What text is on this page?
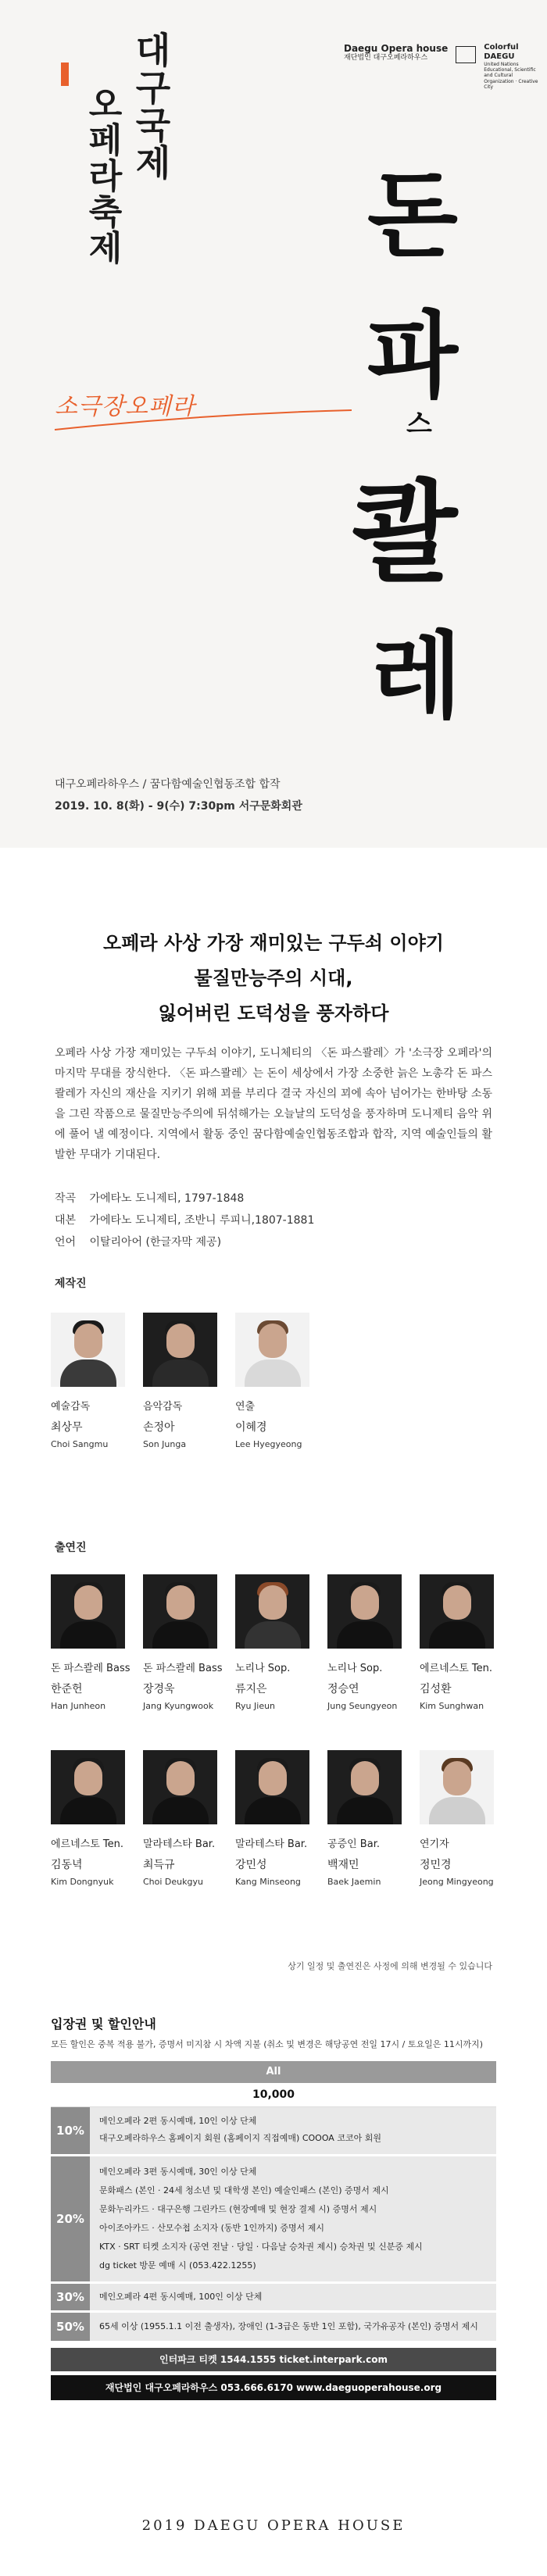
대구국제
오페라축제
Daegu Opera house
재단법인 대구오페라하우스
Colorful DAEGU
United Nations Educational, Scientific and Cultural Organization · Creative City
돈
파
스
콸
레
소극장오페라
대구오페라하우스 / 꿈다함예술인협동조합 합작
2019. 10. 8(화) - 9(수) 7:30pm 서구문화회관
오페라 사상 가장 재미있는 구두쇠 이야기
물질만능주의 시대,
잃어버린 도덕성을 풍자하다
오페라 사상 가장 재미있는 구두쇠 이야기, 도니체티의 〈돈 파스콸레〉가 '소극장 오페라'의 마지막 무대를 장식한다. 〈돈 파스콸레〉는 돈이 세상에서 가장 소중한 늙은 노총각 돈 파스콸레가 자신의 재산을 지키기 위해 꾀를 부리다 결국 자신의 꾀에 속아 넘어가는 한바탕 소동을 그린 작품으로 물질만능주의에 뒤섞해가는 오늘날의 도덕성을 풍자하며 도니제티 음악 위에 풀어 낼 예정이다. 지역에서 활동 중인 꿈다함예술인협동조합과 합작, 지역 예술인들의 활발한 무대가 기대된다.
작곡 가에타노 도니제티, 1797-1848
대본 가에타노 도니제티, 조반니 루피니,1807-1881
언어 이탈리아어 (한글자막 제공)
제작진
예술감독
최상무
Choi Sangmu
음악감독
손정아
Son Junga
연출
이혜경
Lee Hyegyeong
출연진
돈 파스콸레 Bass
한준헌
Han Junheon
돈 파스콸레 Bass
장경욱
Jang Kyungwook
노리나 Sop.
류지은
Ryu Jieun
노리나 Sop.
정승연
Jung Seungyeon
에르네스토 Ten.
김성환
Kim Sunghwan
에르네스토 Ten.
김동녁
Kim Dongnyuk
말라테스타 Bar.
최득규
Choi Deukgyu
말라테스타 Bar.
강민성
Kang Minseong
공증인 Bar.
백재민
Baek Jaemin
연기자
정민경
Jeong Mingyeong
상기 일정 및 출연진은 사정에 의해 변경될 수 있습니다
입장권 및 할인안내
모든 할인은 중복 적용 불가, 증명서 미지참 시 차액 지불 (취소 및 변경은 해당공연 전일 17시 / 토요일은 11시까지)
All
10,000
10%
메인오페라 2편 동시예매, 10인 이상 단체
대구오페라하우스 홈페이지 회원 (홈페이지 직접예매) COOOA 코코아 회원
20%
메인오페라 3편 동시예매, 30인 이상 단체
문화패스 (본인 · 24세 청소년 및 대학생 본인) 예술인패스 (본인) 증명서 제시
문화누리카드 · 대구은행 그린카드 (현장예매 및 현장 결제 시) 증명서 제시
아이조아카드 · 산모수첩 소지자 (동반 1인까지) 증명서 제시
KTX · SRT 티켓 소지자 (공연 전날 · 당일 · 다음날 승차권 제시) 승차권 및 신분증 제시
dg ticket 방문 예매 시 (053.422.1255)
30%	메인오페라 4편 동시예매, 100인 이상 단체
50%	65세 이상 (1955.1.1 이전 출생자), 장애인 (1-3급은 동반 1인 포함), 국가유공자 (본인) 증명서 제시
인터파크 티켓 1544.1555 ticket.interpark.com
재단법인 대구오페라하우스 053.666.6170 www.daeguoperahouse.org
2019 DAEGU OPERA HOUSE
